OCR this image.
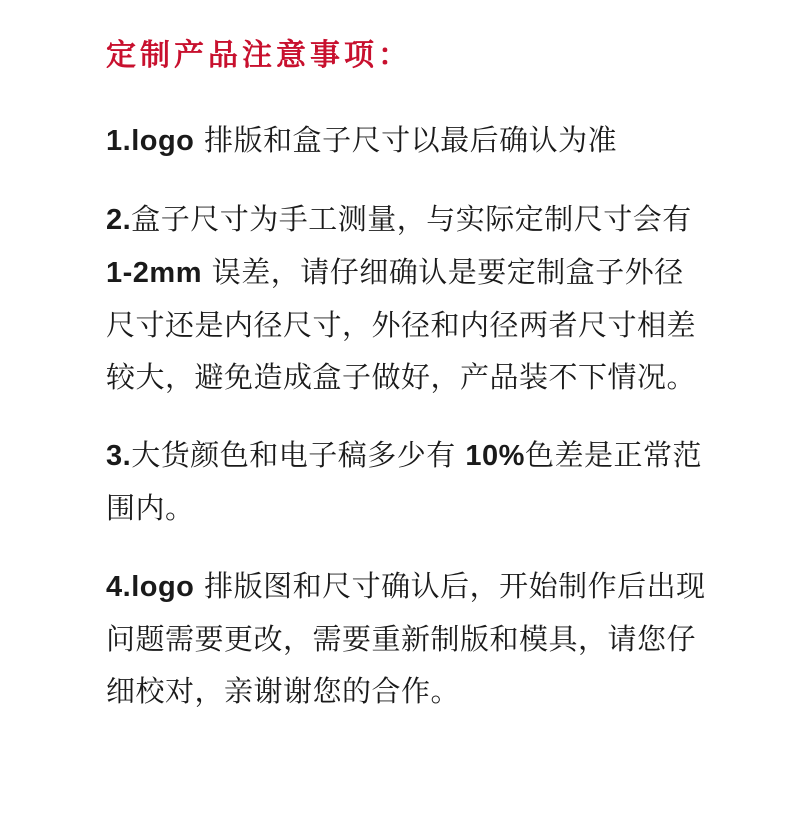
定制产品注意事项：

1.logo 排版和盒子尺寸以最后确认为准

2.盒子尺寸为手工测量，与实际定制尺寸会有 1-2mm 误差，请仔细确认是要定制盒子外径尺寸还是内径尺寸，外径和内径两者尺寸相差较大，避免造成盒子做好，产品装不下情况。

3.大货颜色和电子稿多少有 10%色差是正常范围内。

4.logo 排版图和尺寸确认后，开始制作后出现问题需要更改，需要重新制版和模具，请您仔细校对，亲谢谢您的合作。
